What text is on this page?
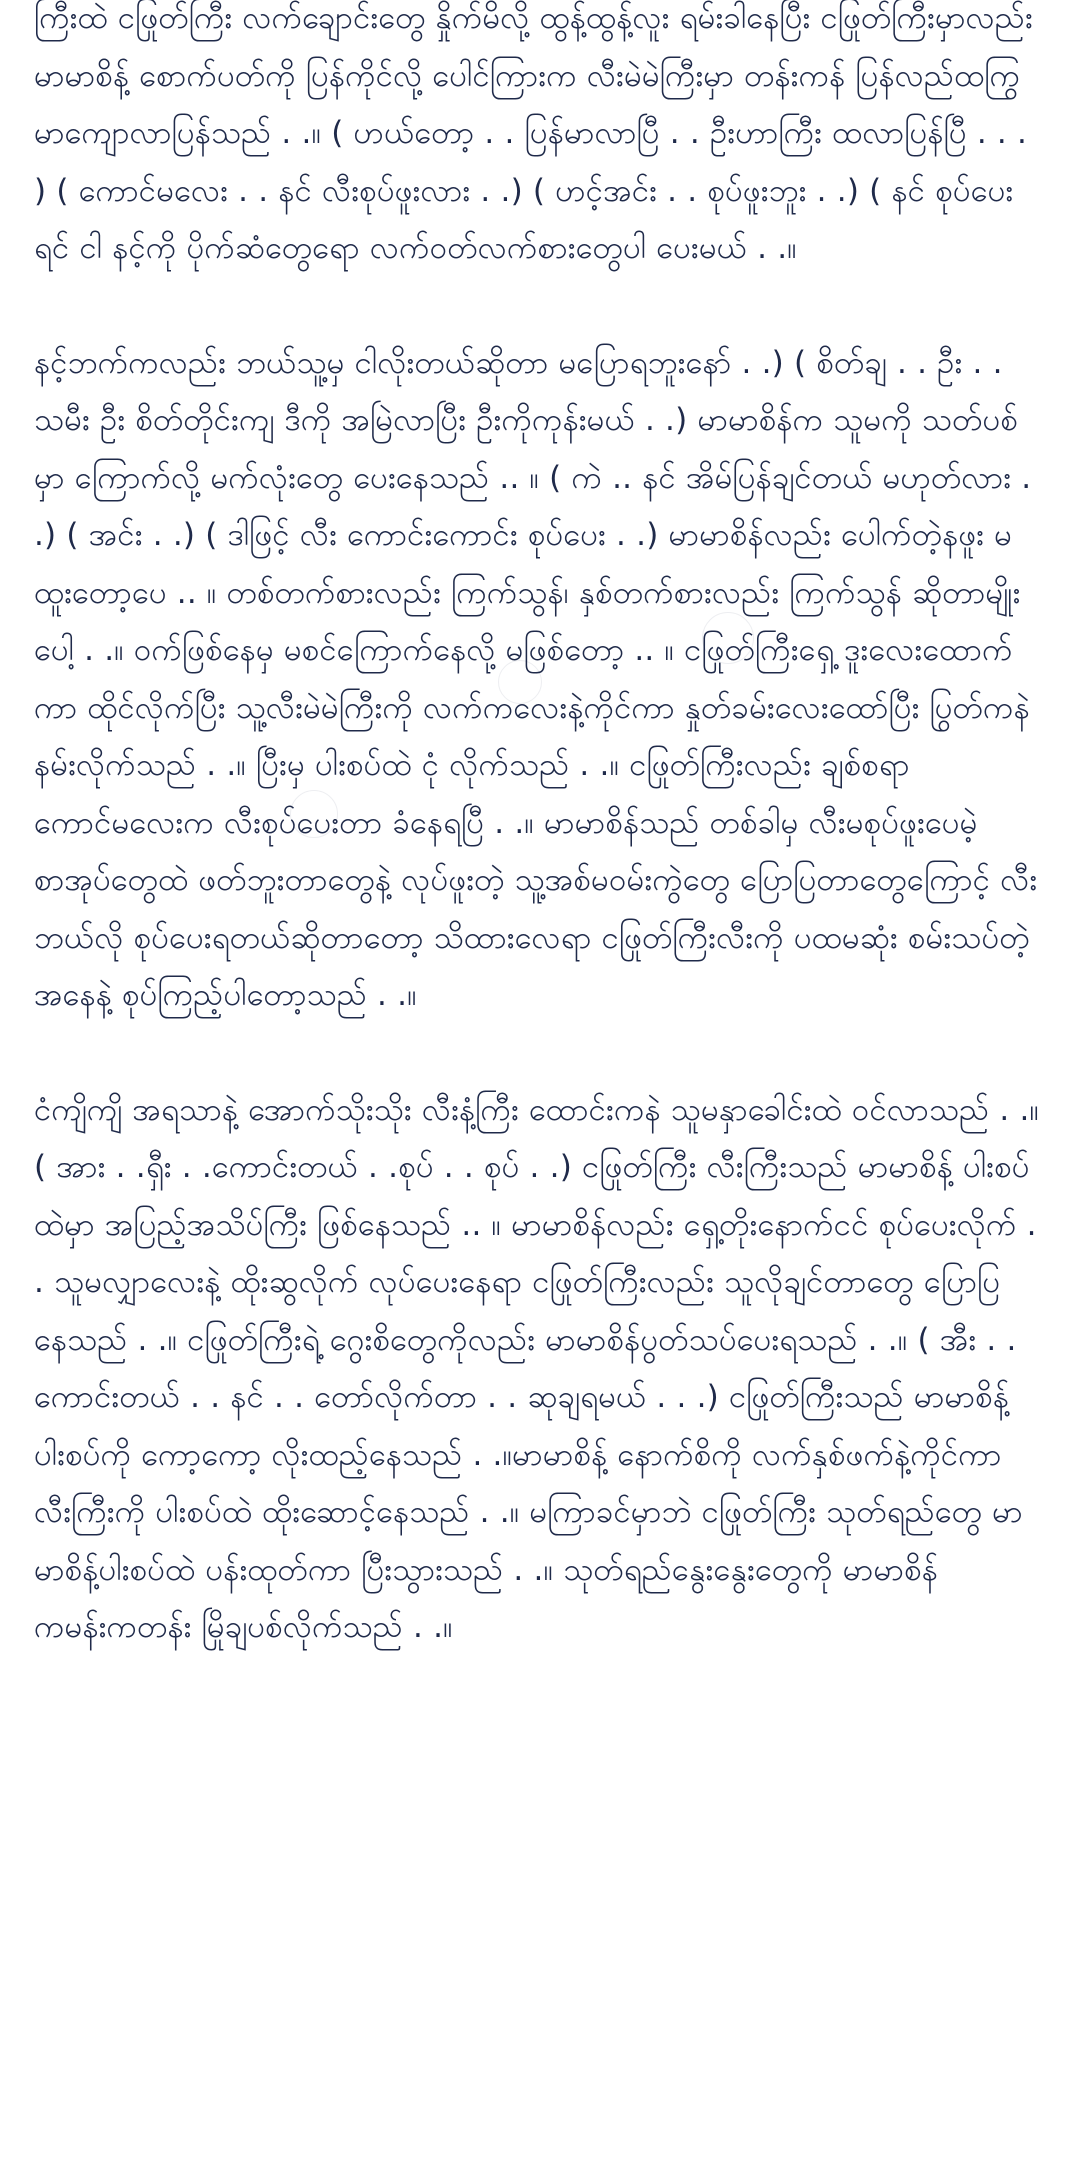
ကြီးထဲ ငဖြုတ်ကြီး လက်ချောင်းတွေ နှိုက်မိလို့ ထွန့်ထွန့်လူး ရမ်းခါနေပြီး ငဖြုတ်ကြီးမှာလည်း မာမာစိန့် စောက်ပတ်ကို ပြန်ကိုင်လို့ ပေါင်ကြားက လီးမဲမဲကြီးမှာ တန်းကန် ပြန်လည်ထကြွ မာကျောလာပြန်သည် . .။ ( ဟယ်တော့ . . ပြန်မာလာပြီ . . ဦးဟာကြီး ထလာပြန်ပြီ . . . ) ( ကောင်မလေး . . နင် လီးစုပ်ဖူးလား . .) ( ဟင့်အင်း . . စုပ်ဖူးဘူး . .) ( နင် စုပ်ပေးရင် ငါ နင့်ကို ပိုက်ဆံတွေရော လက်ဝတ်လက်စားတွေပါ ပေးမယ် . .။

နင့်ဘက်ကလည်း ဘယ်သူ့မှ ငါလိုးတယ်ဆိုတာ မပြောရဘူးနော် . .) ( စိတ်ချ . . ဦး . . သမီး ဦး စိတ်တိုင်းကျ ဒီကို အမြဲလာပြီး ဦးကိုကုန်းမယ် . .) မာမာစိန်က သူမကို သတ်ပစ်မှာ ကြောက်လို့ မက်လုံးတွေ ပေးနေသည် .. ။ ( ကဲ .. နင် အိမ်ပြန်ချင်တယ် မဟုတ်လား . .) ( အင်း . .) ( ဒါဖြင့် လီး ကောင်းကောင်း စုပ်ပေး . .) မာမာစိန်လည်း ပေါက်တဲ့နဖူး မထူးတော့ပေ .. ။ တစ်တက်စားလည်း ကြက်သွန်၊ နှစ်တက်စားလည်း ကြက်သွန် ဆိုတာမျိုးပေါ့ . .။ ဝက်ဖြစ်နေမှ မစင်ကြောက်နေလို့ မဖြစ်တော့ .. ။ ငဖြုတ်ကြီးရှေ့ ဒူးလေးထောက်ကာ ထိုင်လိုက်ပြီး သူ့လီးမဲမဲကြီးကို လက်ကလေးနဲ့ကိုင်ကာ နှုတ်ခမ်းလေးထော်ပြီး ပြွတ်ကနဲ နမ်းလိုက်သည် . .။ ပြီးမှ ပါးစပ်ထဲ ငုံ လိုက်သည် . .။ ငဖြုတ်ကြီးလည်း ချစ်စရာ ကောင်မလေးက လီးစုပ်ပေးတာ ခံနေရပြီ . .။ မာမာစိန်သည် တစ်ခါမှ လီးမစုပ်ဖူးပေမဲ့ စာအုပ်တွေထဲ ဖတ်ဘူးတာတွေနဲ့ လုပ်ဖူးတဲ့ သူ့အစ်မဝမ်းကွဲတွေ ပြောပြတာတွေကြောင့် လီး ဘယ်လို စုပ်ပေးရတယ်ဆိုတာတော့ သိထားလေရာ ငဖြုတ်ကြီးလီးကို ပထမဆုံး စမ်းသပ်တဲ့အနေနဲ့ စုပ်ကြည့်ပါတော့သည် . .။

ငံကျိကျိ အရသာနဲ့ အောက်သိုးသိုး လီးနံ့ကြီး ထောင်းကနဲ သူမနှာခေါင်းထဲ ဝင်လာသည် . .။ ( အား . .ရှီး . .ကောင်းတယ် . .စုပ် . . စုပ် . .) ငဖြုတ်ကြီး လီးကြီးသည် မာမာစိန့် ပါးစပ်ထဲမှာ အပြည့်အသိပ်ကြီး ဖြစ်နေသည် .. ။ မာမာစိန်လည်း ရှေ့တိုးနောက်ငင် စုပ်ပေးလိုက် . . သူမလျှာလေးနဲ့ ထိုးဆွလိုက် လုပ်ပေးနေရာ ငဖြုတ်ကြီးလည်း သူလိုချင်တာတွေ ပြောပြနေသည် . .။ ငဖြုတ်ကြီးရဲ့ ဂွေးစိတွေကိုလည်း မာမာစိန်ပွတ်သပ်ပေးရသည် . .။ ( အီး . . ကောင်းတယ် . . နင် . . တော်လိုက်တာ . . ဆုချရမယ် . . .) ငဖြုတ်ကြီးသည် မာမာစိန့်ပါးစပ်ကို ကော့ကော့ လိုးထည့်နေသည် . .။မာမာစိန့် နောက်စိကို လက်နှစ်ဖက်နဲ့ကိုင်ကာ လီးကြီးကို ပါးစပ်ထဲ ထိုးဆောင့်နေသည် . .။ မကြာခင်မှာဘဲ ငဖြုတ်ကြီး သုတ်ရည်တွေ မာမာစိန့်ပါးစပ်ထဲ ပန်းထုတ်ကာ ပြီးသွားသည် . .။ သုတ်ရည်နွေးနွေးတွေကို မာမာစိန် ကမန်းကတန်း မြိုချပစ်လိုက်သည် . .။
